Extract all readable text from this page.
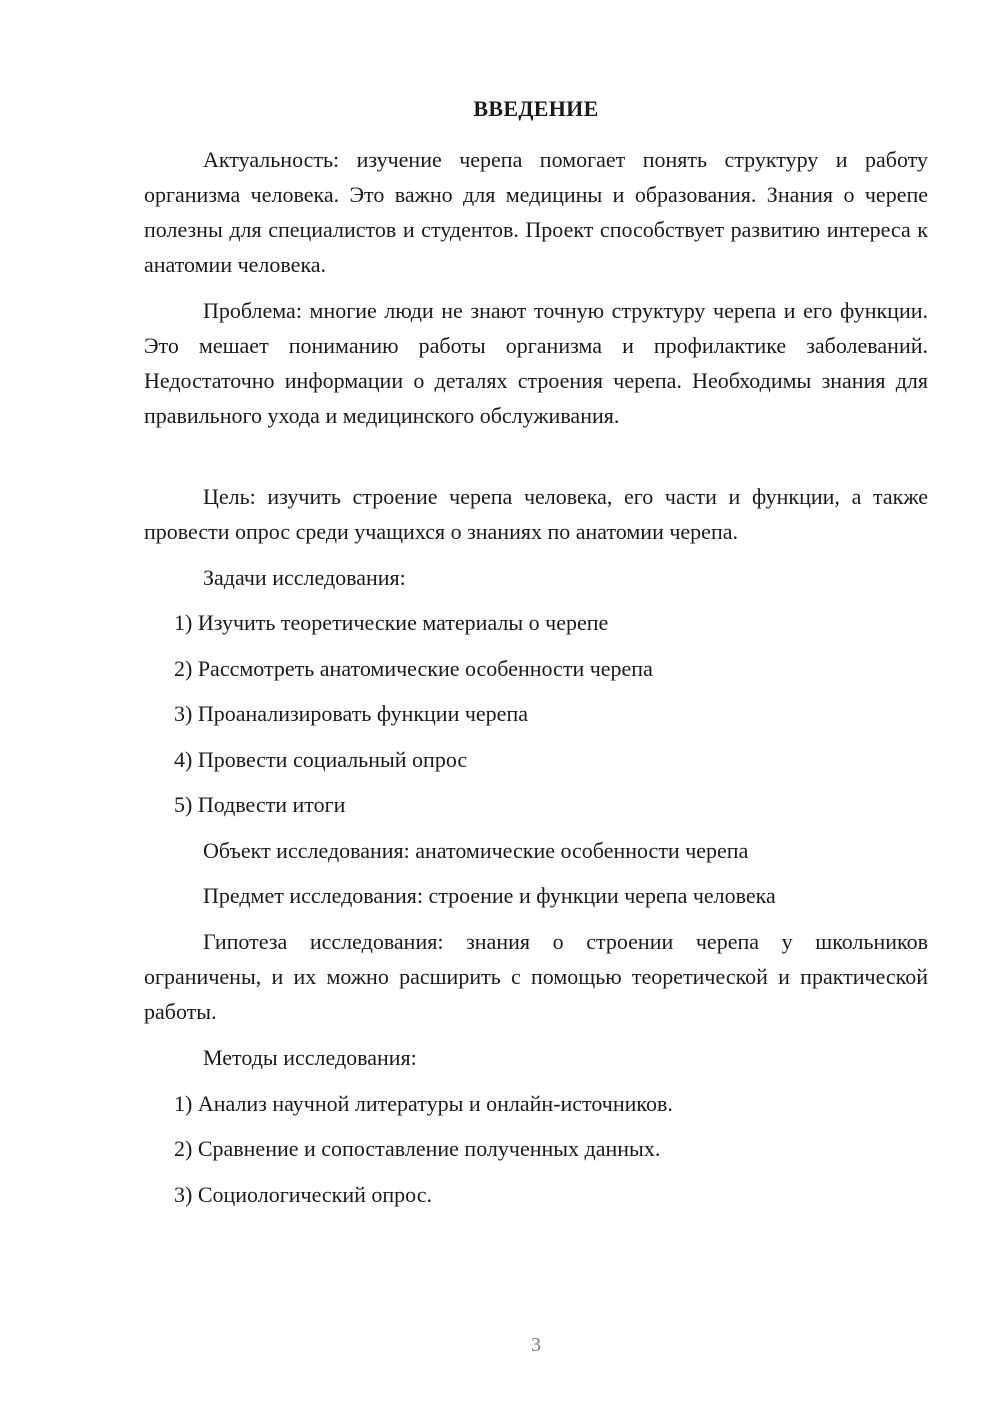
ВВЕДЕНИЕ

Актуальность: изучение черепа помогает понять структуру и работу организма человека. Это важно для медицины и образования. Знания о черепе полезны для специалистов и студентов. Проект способствует развитию интереса к анатомии человека.

Проблема: многие люди не знают точную структуру черепа и его функции. Это мешает пониманию работы организма и профилактике заболеваний. Недостаточно информации о деталях строения черепа. Необходимы знания для правильного ухода и медицинского обслуживания.

Цель: изучить строение черепа человека, его части и функции, а также провести опрос среди учащихся о знаниях по анатомии черепа.

Задачи исследования:

1) Изучить теоретические материалы о черепе

2) Рассмотреть анатомические особенности черепа

3) Проанализировать функции черепа

4) Провести социальный опрос

5) Подвести итоги

Объект исследования: анатомические особенности черепа

Предмет исследования: строение и функции черепа человека

Гипотеза исследования: знания о строении черепа у школьников ограничены, и их можно расширить с помощью теоретической и практической работы.

Методы исследования:

1) Анализ научной литературы и онлайн-источников.

2) Сравнение и сопоставление полученных данных.

3) Социологический опрос.

3
